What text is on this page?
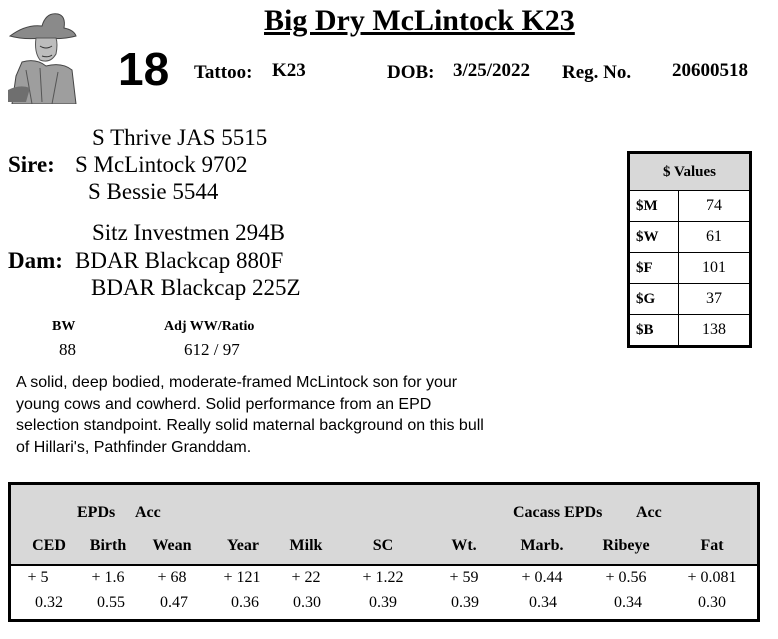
Big Dry McLintock K23
18 Tattoo: K23	DOB: 3/25/2022 Reg. No. 20600518
S Thrive JAS 5515
Sire: S McLintock 9702
S Bessie 5544
Sitz Investmen 294B
Dam: BDAR Blackcap 880F
BDAR Blackcap 225Z
BW
88
Adj WW/Ratio
612 / 97
A solid, deep bodied, moderate-framed McLintock son for your young cows and cowherd. Solid performance from an EPD selection standpoint. Really solid maternal background on this bull of Hillari's, Pathfinder Granddam.
$ Values	
$M	74
$W	61
$F	101
$G	37
$B	138
EPDs Acc	Cacass EPDs Acc
CED	Birth	Wean	Year	Milk	SC	Wt.	Marb.	Ribeye	Fat
+ 5	+ 1.6	+ 68	+ 121	+ 22	+ 1.22	+ 59	+ 0.44	+ 0.56	+ 0.081
0.32	0.55	0.47	0.36	0.30	0.39	0.39	0.34	0.34	0.30
